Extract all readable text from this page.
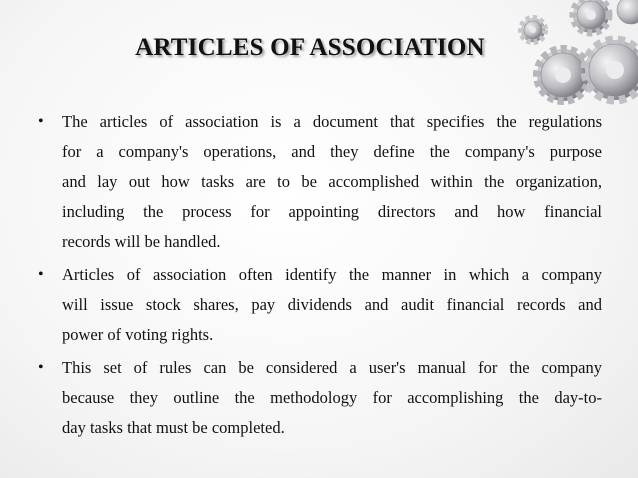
ARTICLES OF ASSOCIATION
• The articles of association is a document that specifies the regulations
for a company's operations, and they define the company's purpose
and lay out how tasks are to be accomplished within the organization,
including the process for appointing directors and how financial
records will be handled.
• Articles of association often identify the manner in which a company
will issue stock shares, pay dividends and audit financial records and
power of voting rights.
• This set of rules can be considered a user's manual for the company
because they outline the methodology for accomplishing the day-to-
day tasks that must be completed.
